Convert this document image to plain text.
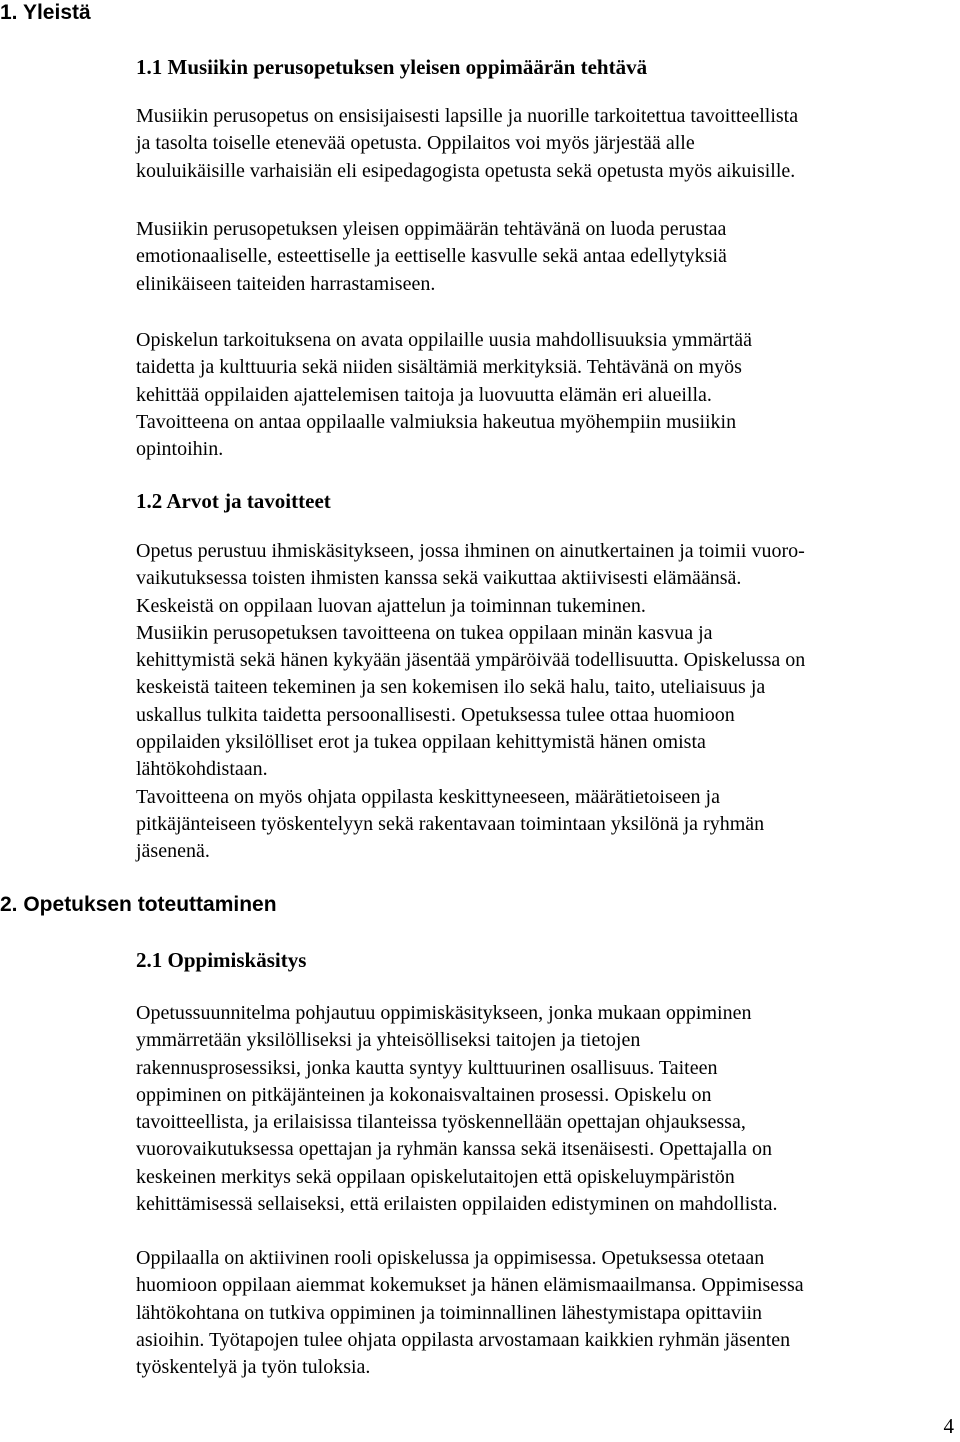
1. Yleistä
1.1 Musiikin perusopetuksen yleisen oppimäärän tehtävä

Musiikin perusopetus on ensisijaisesti lapsille ja nuorille tarkoitettua tavoitteellista
ja tasolta toiselle etenevää opetusta. Oppilaitos voi myös järjestää alle
kouluikäisille varhaisiän eli esipedagogista opetusta sekä opetusta myös aikuisille.

Musiikin perusopetuksen yleisen oppimäärän tehtävänä on luoda perustaa
emotionaaliselle, esteettiselle ja eettiselle kasvulle sekä antaa edellytyksiä
elinikäiseen taiteiden harrastamiseen.

Opiskelun tarkoituksena on avata oppilaille uusia mahdollisuuksia ymmärtää
taidetta ja kulttuuria sekä niiden sisältämiä merkityksiä. Tehtävänä on myös
kehittää oppilaiden ajattelemisen taitoja ja luovuutta elämän eri alueilla.
Tavoitteena on antaa oppilaalle valmiuksia hakeutua myöhempiin musiikin
opintoihin.

1.2 Arvot ja tavoitteet

Opetus perustuu ihmiskäsitykseen, jossa ihminen on ainutkertainen ja toimii vuoro-
vaikutuksessa toisten ihmisten kanssa sekä vaikuttaa aktiivisesti elämäänsä.
Keskeistä on oppilaan luovan ajattelun ja toiminnan tukeminen.
Musiikin perusopetuksen tavoitteena on tukea oppilaan minän kasvua ja
kehittymistä sekä hänen kykyään jäsentää ympäröivää todellisuutta. Opiskelussa on
keskeistä taiteen tekeminen ja sen kokemisen ilo sekä halu, taito, uteliaisuus ja
uskallus tulkita taidetta persoonallisesti. Opetuksessa tulee ottaa huomioon
oppilaiden yksilölliset erot ja tukea oppilaan kehittymistä hänen omista
lähtökohdistaan.
Tavoitteena on myös ohjata oppilasta keskittyneeseen, määrätietoiseen ja
pitkäjänteiseen työskentelyyn sekä rakentavaan toimintaan yksilönä ja ryhmän
jäsenenä.

2. Opetuksen toteuttaminen
2.1 Oppimiskäsitys

Opetussuunnitelma pohjautuu oppimiskäsitykseen, jonka mukaan oppiminen
ymmärretään yksilölliseksi ja yhteisölliseksi taitojen ja tietojen
rakennusprosessiksi, jonka kautta syntyy kulttuurinen osallisuus. Taiteen
oppiminen on pitkäjänteinen ja kokonaisvaltainen prosessi. Opiskelu on
tavoitteellista, ja erilaisissa tilanteissa työskennellään opettajan ohjauksessa,
vuorovaikutuksessa opettajan ja ryhmän kanssa sekä itsenäisesti. Opettajalla on
keskeinen merkitys sekä oppilaan opiskelutaitojen että opiskeluympäristön
kehittämisessä sellaiseksi, että erilaisten oppilaiden edistyminen on mahdollista.

Oppilaalla on aktiivinen rooli opiskelussa ja oppimisessa. Opetuksessa otetaan
huomioon oppilaan aiemmat kokemukset ja hänen elämismaailmansa. Oppimisessa
lähtökohtana on tutkiva oppiminen ja toiminnallinen lähestymistapa opittaviin
asioihin. Työtapojen tulee ohjata oppilasta arvostamaan kaikkien ryhmän jäsenten
työskentelyä ja työn tuloksia.

4
